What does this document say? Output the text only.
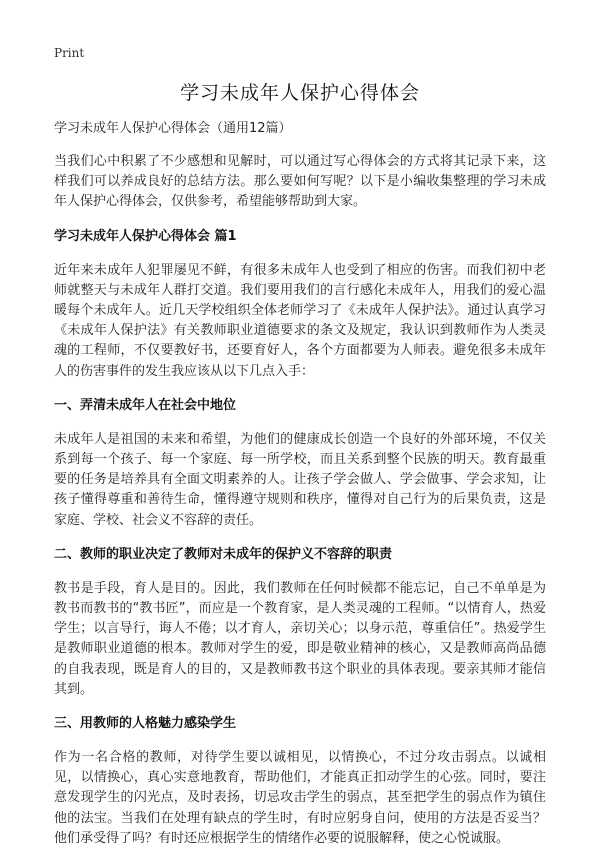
Print
学习未成年人保护心得体会
学习未成年人保护心得体会（通用12篇）

当我们心中积累了不少感想和见解时，可以通过写心得体会的方式将其记录下来，这样我们可以养成良好的总结方法。那么要如何写呢？以下是小编收集整理的学习未成年人保护心得体会，仅供参考，希望能够帮助到大家。

学习未成年人保护心得体会 篇1

近年来未成年人犯罪屡见不鲜，有很多未成年人也受到了相应的伤害。而我们初中老师就整天与未成年人群打交道。我们要用我们的言行感化未成年人，用我们的爱心温暖每个未成年人。近几天学校组织全体老师学习了《未成年人保护法》。通过认真学习《未成年人保护法》有关教师职业道德要求的条文及规定，我认识到教师作为人类灵魂的工程师，不仅要教好书，还要育好人，各个方面都要为人师表。避免很多未成年人的伤害事件的发生我应该从以下几点入手：

一、弄清未成年人在社会中地位

未成年人是祖国的未来和希望，为他们的健康成长创造一个良好的外部环境，不仅关系到每一个孩子、每一个家庭、每一所学校，而且关系到整个民族的明天。教育最重要的任务是培养具有全面文明素养的人。让孩子学会做人、学会做事、学会求知，让孩子懂得尊重和善待生命，懂得遵守规则和秩序，懂得对自己行为的后果负责，这是家庭、学校、社会义不容辞的责任。

二、教师的职业决定了教师对未成年的保护义不容辞的职责

教书是手段，育人是目的。因此，我们教师在任何时候都不能忘记，自己不单单是为教书而教书的“教书匠”，而应是一个教育家，是人类灵魂的工程师。“以情育人，热爱学生；以言导行，诲人不倦；以才育人，亲切关心；以身示范，尊重信任”。热爱学生是教师职业道德的根本。教师对学生的爱，即是敬业精神的核心，又是教师高尚品德的自我表现，既是育人的目的，又是教师教书这个职业的具体表现。要亲其师才能信其到。

三、用教师的人格魅力感染学生

作为一名合格的教师，对待学生要以诚相见，以情换心，不过分攻击弱点。以诚相见，以情换心，真心实意地教育，帮助他们，才能真正扣动学生的心弦。同时，要注意发现学生的闪光点，及时表扬，切忌攻击学生的弱点，甚至把学生的弱点作为镇住他的法宝。当我们在处理有缺点的学生时，有时应躬身自问，使用的方法是否妥当？他们承受得了吗？有时还应根据学生的情绪作必要的说服解释，使之心悦诚服。
